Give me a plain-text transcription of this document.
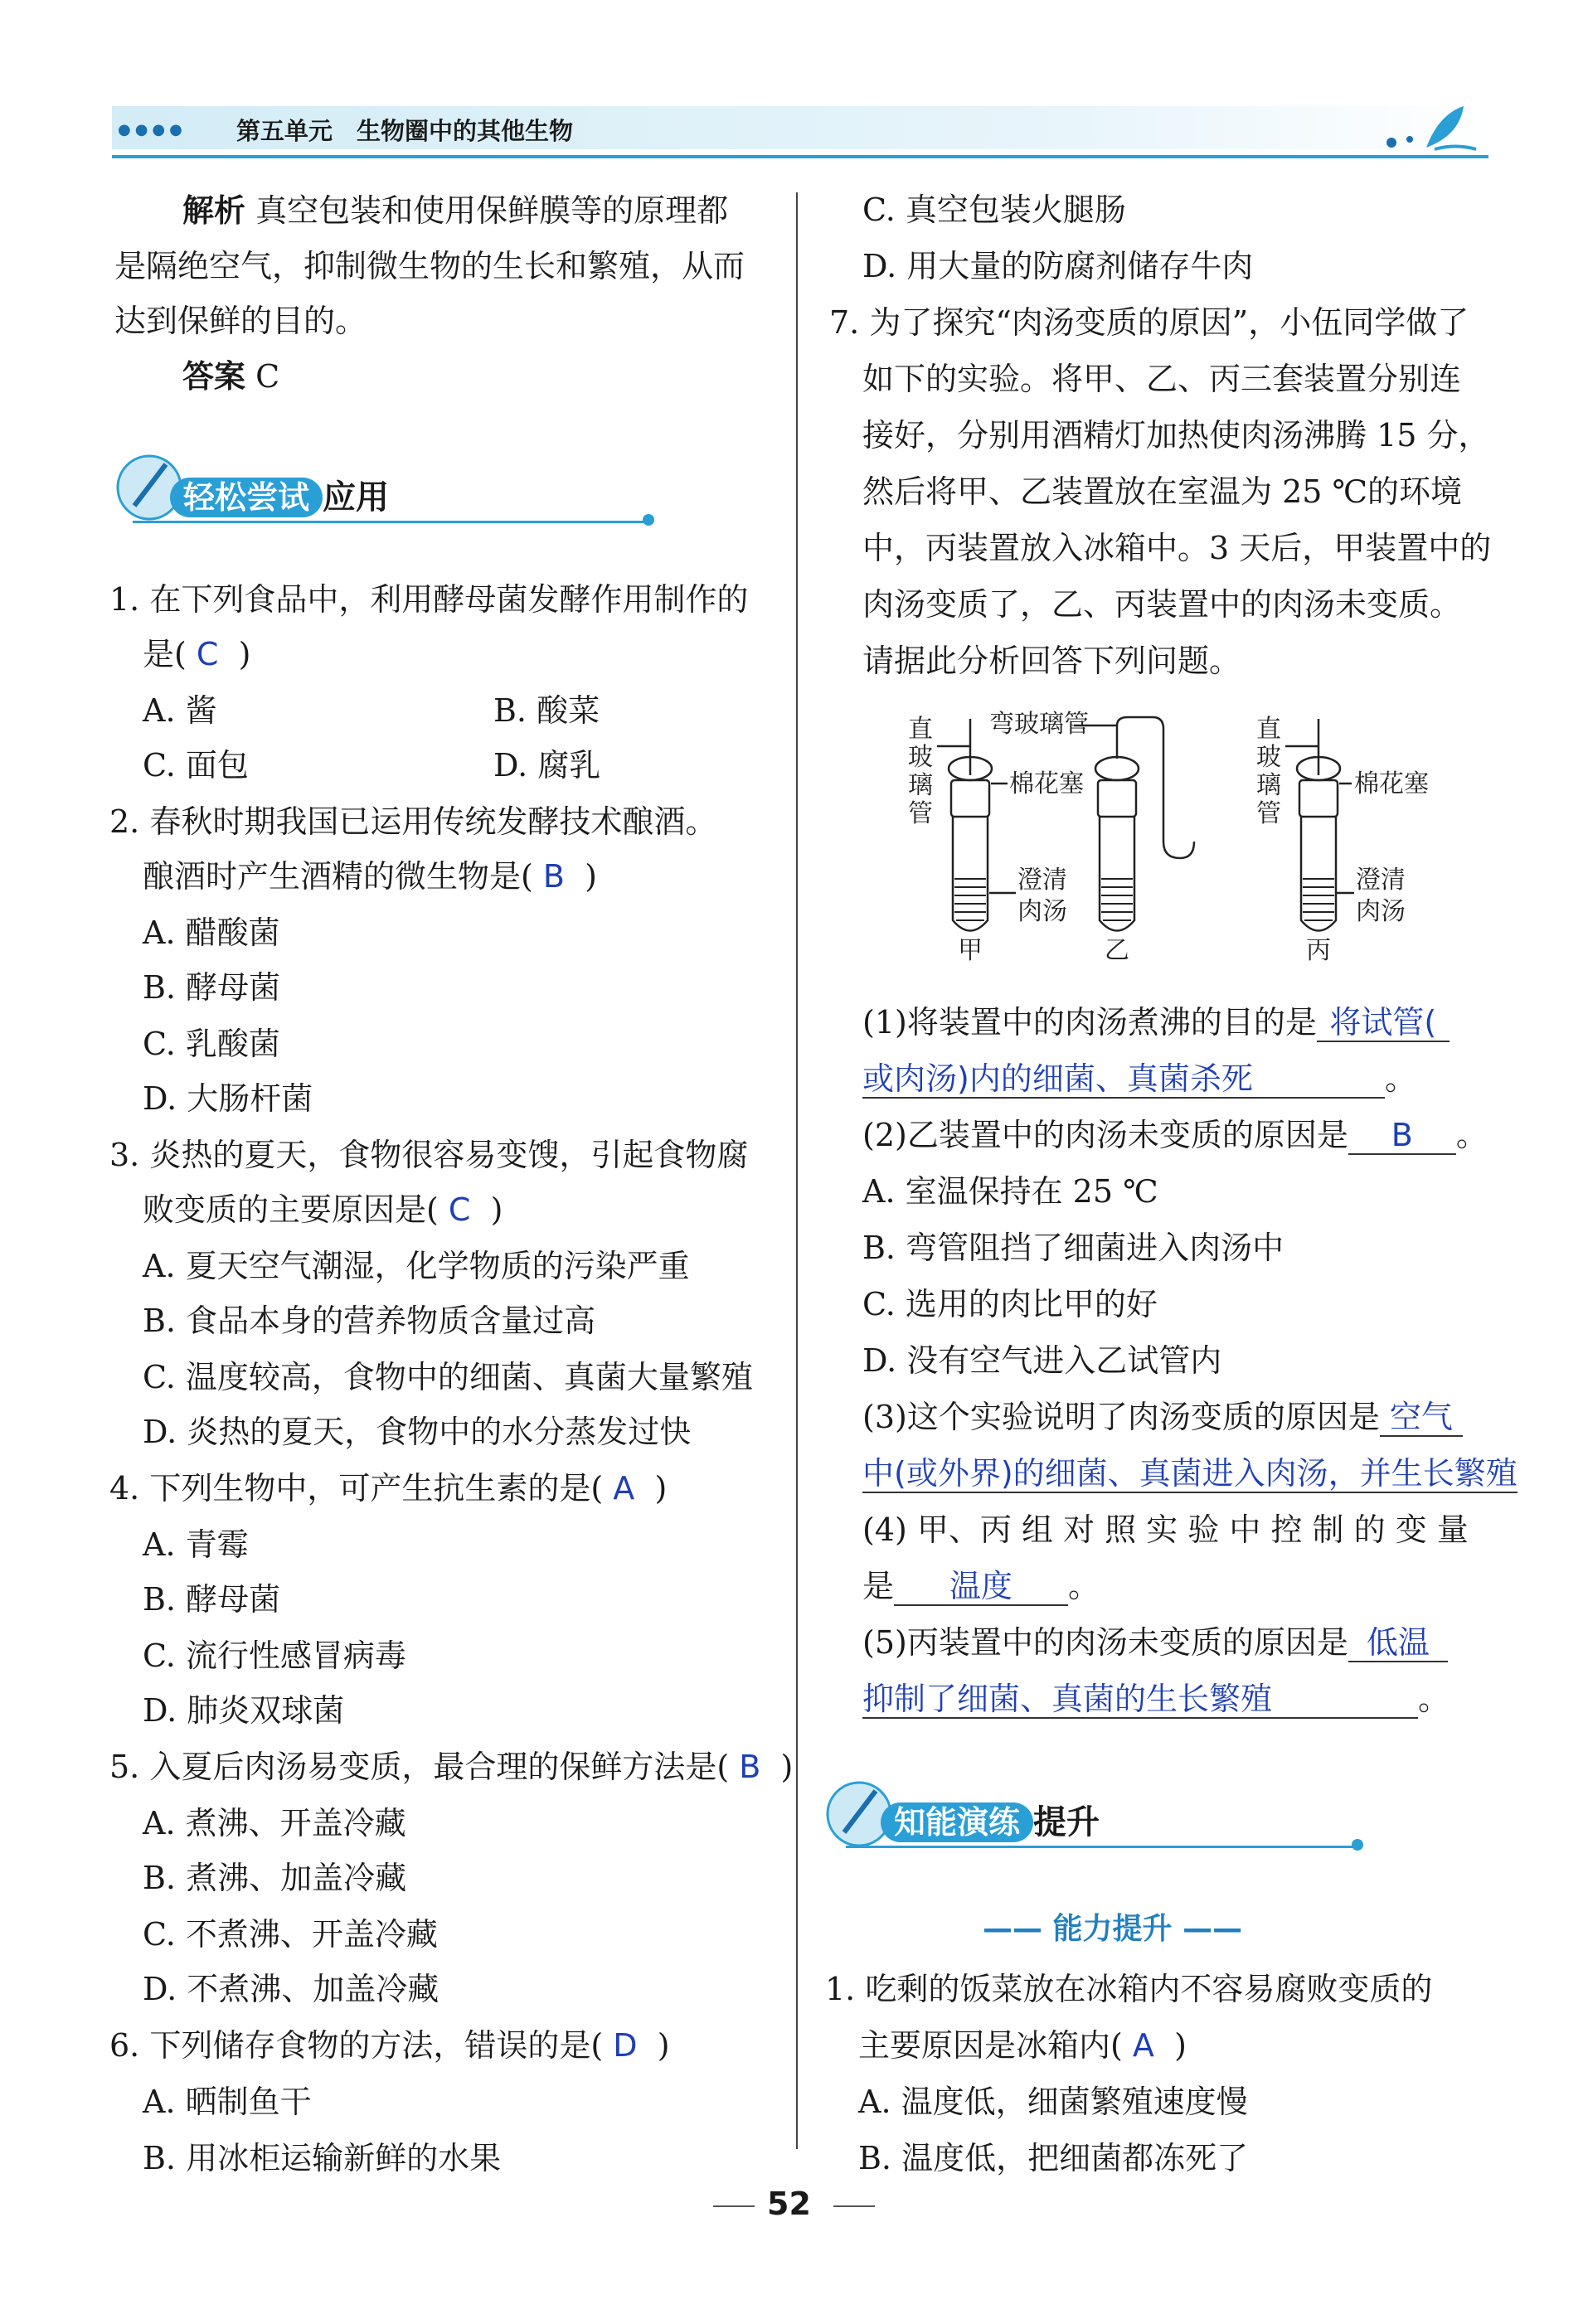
●●●● 第五单元　生物圈中的其他生物
解析 真空包装和使用保鲜膜等的原理都
是隔绝空气，抑制微生物的生长和繁殖，从而
达到保鲜的目的。
答案 C
轻松尝试 应用
1. 在下列食品中，利用酵母菌发酵作用制作的
是( C )
A. 酱	B. 酸菜
C. 面包	D. 腐乳
2. 春秋时期我国已运用传统发酵技术酿酒。
酿酒时产生酒精的微生物是( B )
A. 醋酸菌
B. 酵母菌
C. 乳酸菌
D. 大肠杆菌
3. 炎热的夏天，食物很容易变馊，引起食物腐
败变质的主要原因是( C )
A. 夏天空气潮湿，化学物质的污染严重
B. 食品本身的营养物质含量过高
C. 温度较高，食物中的细菌、真菌大量繁殖
D. 炎热的夏天，食物中的水分蒸发过快
4. 下列生物中，可产生抗生素的是( A )
A. 青霉
B. 酵母菌
C. 流行性感冒病毒
D. 肺炎双球菌
5. 入夏后肉汤易变质，最合理的保鲜方法是( B )
A. 煮沸、开盖冷藏
B. 煮沸、加盖冷藏
C. 不煮沸、开盖冷藏
D. 不煮沸、加盖冷藏
6. 下列储存食物的方法，错误的是( D )
A. 晒制鱼干
B. 用冰柜运输新鲜的水果
C. 真空包装火腿肠
D. 用大量的防腐剂储存牛肉
7. 为了探究“肉汤变质的原因”，小伍同学做了
如下的实验。将甲、乙、丙三套装置分别连
接好，分别用酒精灯加热使肉汤沸腾 15 分，
然后将甲、乙装置放在室温为 25 ℃的环境
中，丙装置放入冰箱中。3 天后，甲装置中的
肉汤变质了，乙、丙装置中的肉汤未变质。
请据此分析回答下列问题。
直玻璃管
弯玻璃管
棉花塞
澄清
肉汤
直玻璃管
棉花塞
澄清
肉汤
甲	乙	丙
(1)将装置中的肉汤煮沸的目的是 将试管(
或肉汤)内的细菌、真菌杀死	。
(2)乙装置中的肉汤未变质的原因是 B 。
A. 室温保持在 25 ℃
B. 弯管阻挡了细菌进入肉汤中
C. 选用的肉比甲的好
D. 没有空气进入乙试管内
(3)这个实验说明了肉汤变质的原因是 空气
中(或外界)的细菌、真菌进入肉汤，并生长繁殖
(4) 甲、丙 组 对 照 实 验 中 控 制 的 变 量
是 温度 。
(5)丙装置中的肉汤未变质的原因是 低温
抑制了细菌、真菌的生长繁殖	。
知能演练 提升
—— 能力提升 ——
1. 吃剩的饭菜放在冰箱内不容易腐败变质的
主要原因是冰箱内( A )
A. 温度低，细菌繁殖速度慢
B. 温度低，把细菌都冻死了
52
